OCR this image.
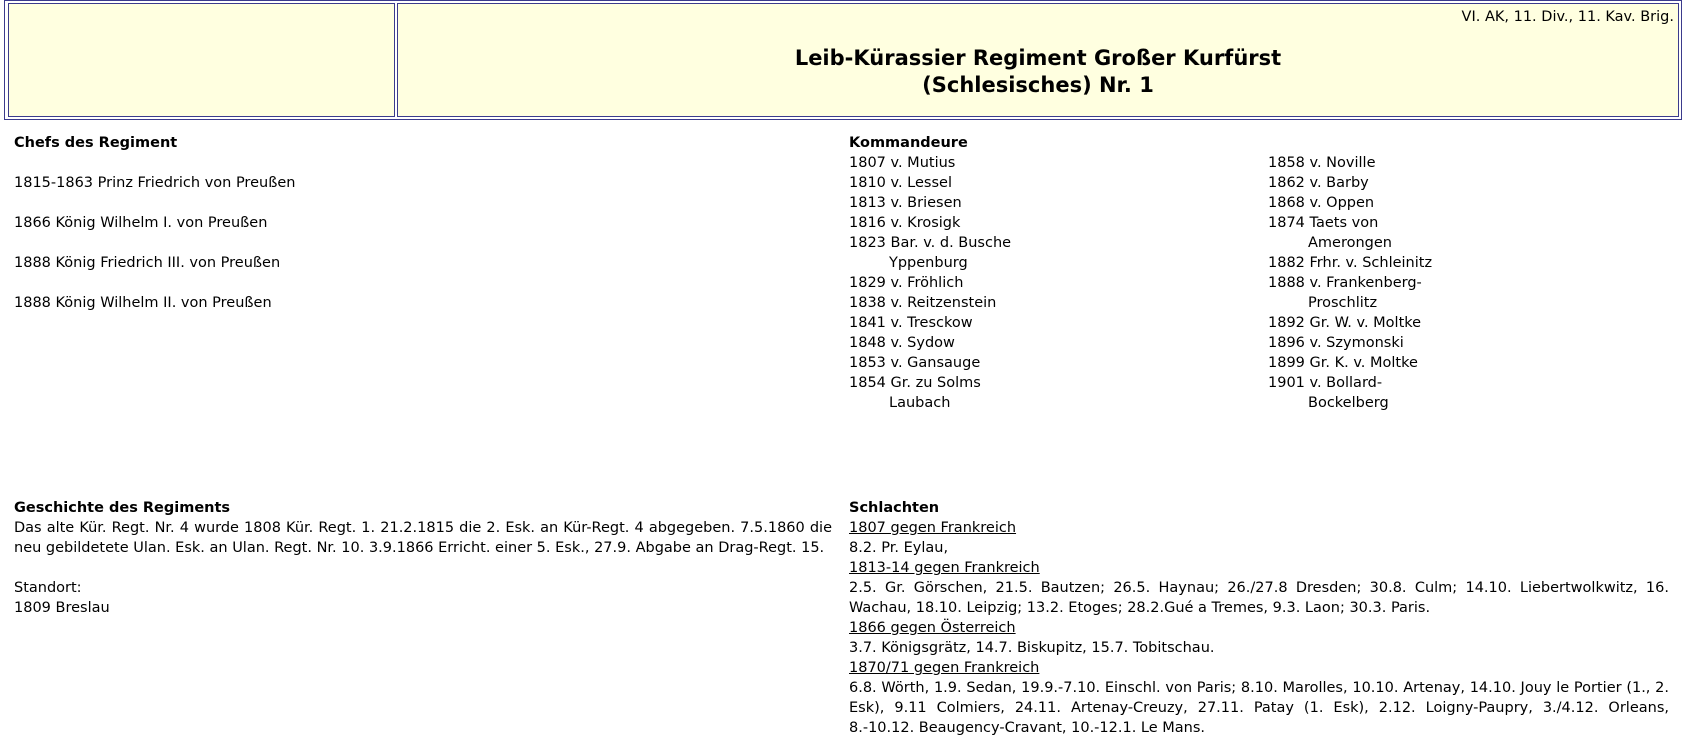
VI. AK, 11. Div., 11. Kav. Brig.
Leib-Kürassier Regiment Großer Kurfürst
(Schlesisches) Nr. 1
Chefs des Regiment
1815-1863 Prinz Friedrich von Preußen
1866 König Wilhelm I. von Preußen
1888 König Friedrich III. von Preußen
1888 König Wilhelm II. von Preußen
Kommandeure
1807 v. Mutius
1810 v. Lessel
1813 v. Briesen
1816 v. Krosigk
1823 Bar. v. d. Busche
Yppenburg
1829 v. Fröhlich
1838 v. Reitzenstein
1841 v. Tresckow
1848 v. Sydow
1853 v. Gansauge
1854 Gr. zu Solms
Laubach
1858 v. Noville
1862 v. Barby
1868 v. Oppen
1874 Taets von
Amerongen
1882 Frhr. v. Schleinitz
1888 v. Frankenberg-
Proschlitz
1892 Gr. W. v. Moltke
1896 v. Szymonski
1899 Gr. K. v. Moltke
1901 v. Bollard-
Bockelberg
Geschichte des Regiments
Das alte Kür. Regt. Nr. 4 wurde 1808 Kür. Regt. 1. 21.2.1815 die 2. Esk. an Kür-Regt. 4 abgegeben. 7.5.1860 die neu gebildetete Ulan. Esk. an Ulan. Regt. Nr. 10. 3.9.1866 Erricht. einer 5. Esk., 27.9. Abgabe an Drag-Regt. 15.
Standort:
1809 Breslau
Schlachten
1807 gegen Frankreich
8.2. Pr. Eylau,
1813-14 gegen Frankreich
2.5. Gr. Görschen, 21.5. Bautzen; 26.5. Haynau; 26./27.8 Dresden; 30.8. Culm; 14.10. Liebertwolkwitz, 16. Wachau, 18.10. Leipzig; 13.2. Etoges; 28.2.Gué a Tremes, 9.3. Laon; 30.3. Paris.
1866 gegen Österreich
3.7. Königsgrätz, 14.7. Biskupitz, 15.7. Tobitschau.
1870/71 gegen Frankreich
6.8. Wörth, 1.9. Sedan, 19.9.-7.10. Einschl. von Paris; 8.10. Marolles, 10.10. Artenay, 14.10. Jouy le Portier (1., 2. Esk), 9.11 Colmiers, 24.11. Artenay-Creuzy, 27.11. Patay (1. Esk), 2.12. Loigny-Paupry, 3./4.12. Orleans, 8.-10.12. Beaugency-Cravant, 10.-12.1. Le Mans.
